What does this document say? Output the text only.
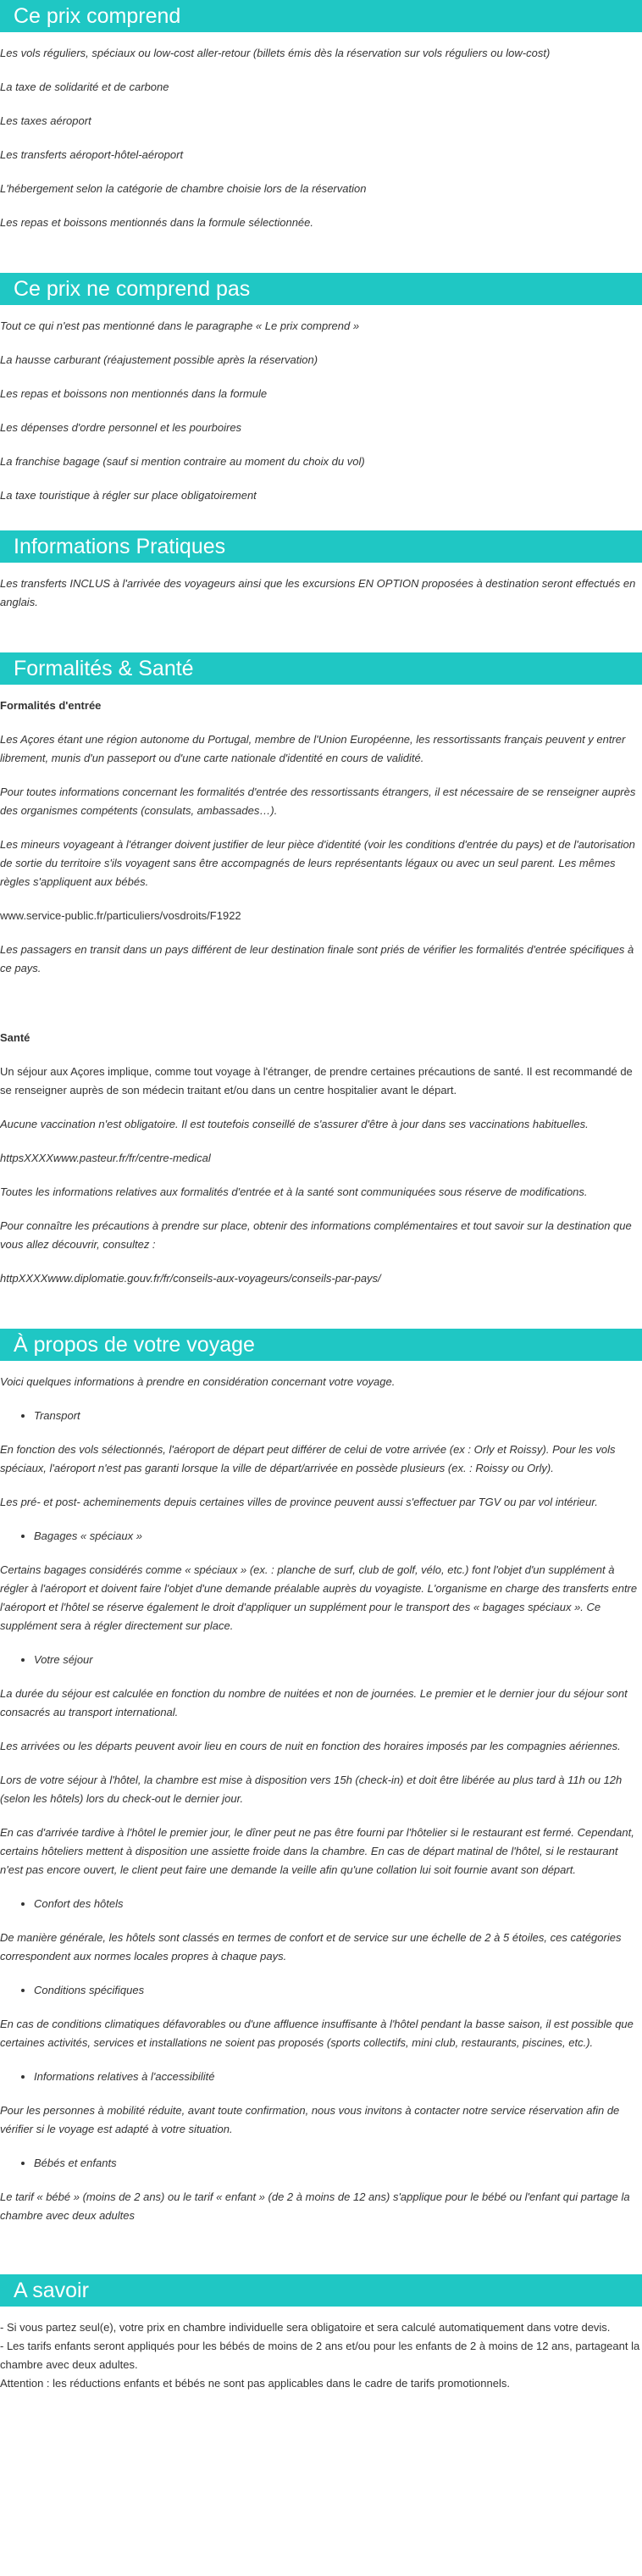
Ce prix comprend

Les vols réguliers, spéciaux ou low-cost aller-retour (billets émis dès la réservation sur vols réguliers ou low-cost)

La taxe de solidarité et de carbone

Les taxes aéroport

Les transferts aéroport-hôtel-aéroport

L'hébergement selon la catégorie de chambre choisie lors de la réservation

Les repas et boissons mentionnés dans la formule sélectionnée.

Ce prix ne comprend pas

Tout ce qui n'est pas mentionné dans le paragraphe « Le prix comprend »

La hausse carburant (réajustement possible après la réservation)

Les repas et boissons non mentionnés dans la formule

Les dépenses d'ordre personnel et les pourboires

La franchise bagage (sauf si mention contraire au moment du choix du vol)

La taxe touristique à régler sur place obligatoirement

Informations Pratiques

Les transferts INCLUS à l'arrivée des voyageurs ainsi que les excursions EN OPTION proposées à destination seront effectués en anglais.

Formalités & Santé
Formalités d'entrée

Les Açores étant une région autonome du Portugal, membre de l'Union Européenne, les ressortissants français peuvent y entrer librement, munis d'un passeport ou d'une carte nationale d'identité en cours de validité.

Pour toutes informations concernant les formalités d'entrée des ressortissants étrangers, il est nécessaire de se renseigner auprès des organismes compétents (consulats, ambassades…).

Les mineurs voyageant à l'étranger doivent justifier de leur pièce d'identité (voir les conditions d'entrée du pays) et de l'autorisation de sortie du territoire s'ils voyagent sans être accompagnés de leurs représentants légaux ou avec un seul parent. Les mêmes règles s'appliquent aux bébés.

www.service-public.fr/particuliers/vosdroits/F1922

Les passagers en transit dans un pays différent de leur destination finale sont priés de vérifier les formalités d'entrée spécifiques à ce pays.

Santé

Un séjour aux Açores implique, comme tout voyage à l'étranger, de prendre certaines précautions de santé. Il est recommandé de se renseigner auprès de son médecin traitant et/ou dans un centre hospitalier avant le départ.

Aucune vaccination n'est obligatoire. Il est toutefois conseillé de s'assurer d'être à jour dans ses vaccinations habituelles.

httpsXXXXwww.pasteur.fr/fr/centre-medical

Toutes les informations relatives aux formalités d'entrée et à la santé sont communiquées sous réserve de modifications.

Pour connaître les précautions à prendre sur place, obtenir des informations complémentaires et tout savoir sur la destination que vous allez découvrir, consultez :

httpXXXXwww.diplomatie.gouv.fr/fr/conseils-aux-voyageurs/conseils-par-pays/

À propos de votre voyage

Voici quelques informations à prendre en considération concernant votre voyage.

• Transport

En fonction des vols sélectionnés, l'aéroport de départ peut différer de celui de votre arrivée (ex : Orly et Roissy). Pour les vols spéciaux, l'aéroport n'est pas garanti lorsque la ville de départ/arrivée en possède plusieurs (ex. : Roissy ou Orly).

Les pré- et post- acheminements depuis certaines villes de province peuvent aussi s'effectuer par TGV ou par vol intérieur.

• Bagages « spéciaux »

Certains bagages considérés comme « spéciaux » (ex. : planche de surf, club de golf, vélo, etc.) font l'objet d'un supplément à régler à l'aéroport et doivent faire l'objet d'une demande préalable auprès du voyagiste. L'organisme en charge des transferts entre l'aéroport et l'hôtel se réserve également le droit d'appliquer un supplément pour le transport des « bagages spéciaux ». Ce supplément sera à régler directement sur place.

• Votre séjour

La durée du séjour est calculée en fonction du nombre de nuitées et non de journées. Le premier et le dernier jour du séjour sont consacrés au transport international.

Les arrivées ou les départs peuvent avoir lieu en cours de nuit en fonction des horaires imposés par les compagnies aériennes.

Lors de votre séjour à l'hôtel, la chambre est mise à disposition vers 15h (check-in) et doit être libérée au plus tard à 11h ou 12h (selon les hôtels) lors du check-out le dernier jour.

En cas d'arrivée tardive à l'hôtel le premier jour, le dîner peut ne pas être fourni par l'hôtelier si le restaurant est fermé. Cependant, certains hôteliers mettent à disposition une assiette froide dans la chambre. En cas de départ matinal de l'hôtel, si le restaurant n'est pas encore ouvert, le client peut faire une demande la veille afin qu'une collation lui soit fournie avant son départ.

• Confort des hôtels

De manière générale, les hôtels sont classés en termes de confort et de service sur une échelle de 2 à 5 étoiles, ces catégories correspondent aux normes locales propres à chaque pays.

• Conditions spécifiques

En cas de conditions climatiques défavorables ou d'une affluence insuffisante à l'hôtel pendant la basse saison, il est possible que certaines activités, services et installations ne soient pas proposés (sports collectifs, mini club, restaurants, piscines, etc.).

• Informations relatives à l'accessibilité

Pour les personnes à mobilité réduite, avant toute confirmation, nous vous invitons à contacter notre service réservation afin de vérifier si le voyage est adapté à votre situation.

• Bébés et enfants

Le tarif « bébé » (moins de 2 ans) ou le tarif « enfant » (de 2 à moins de 12 ans) s'applique pour le bébé ou l'enfant qui partage la chambre avec deux adultes

A savoir

- Si vous partez seul(e), votre prix en chambre individuelle sera obligatoire et sera calculé automatiquement dans votre devis.

- Les tarifs enfants seront appliqués pour les bébés de moins de 2 ans et/ou pour les enfants de 2 à moins de 12 ans, partageant la chambre avec deux adultes.

Attention : les réductions enfants et bébés ne sont pas applicables dans le cadre de tarifs promotionnels.
